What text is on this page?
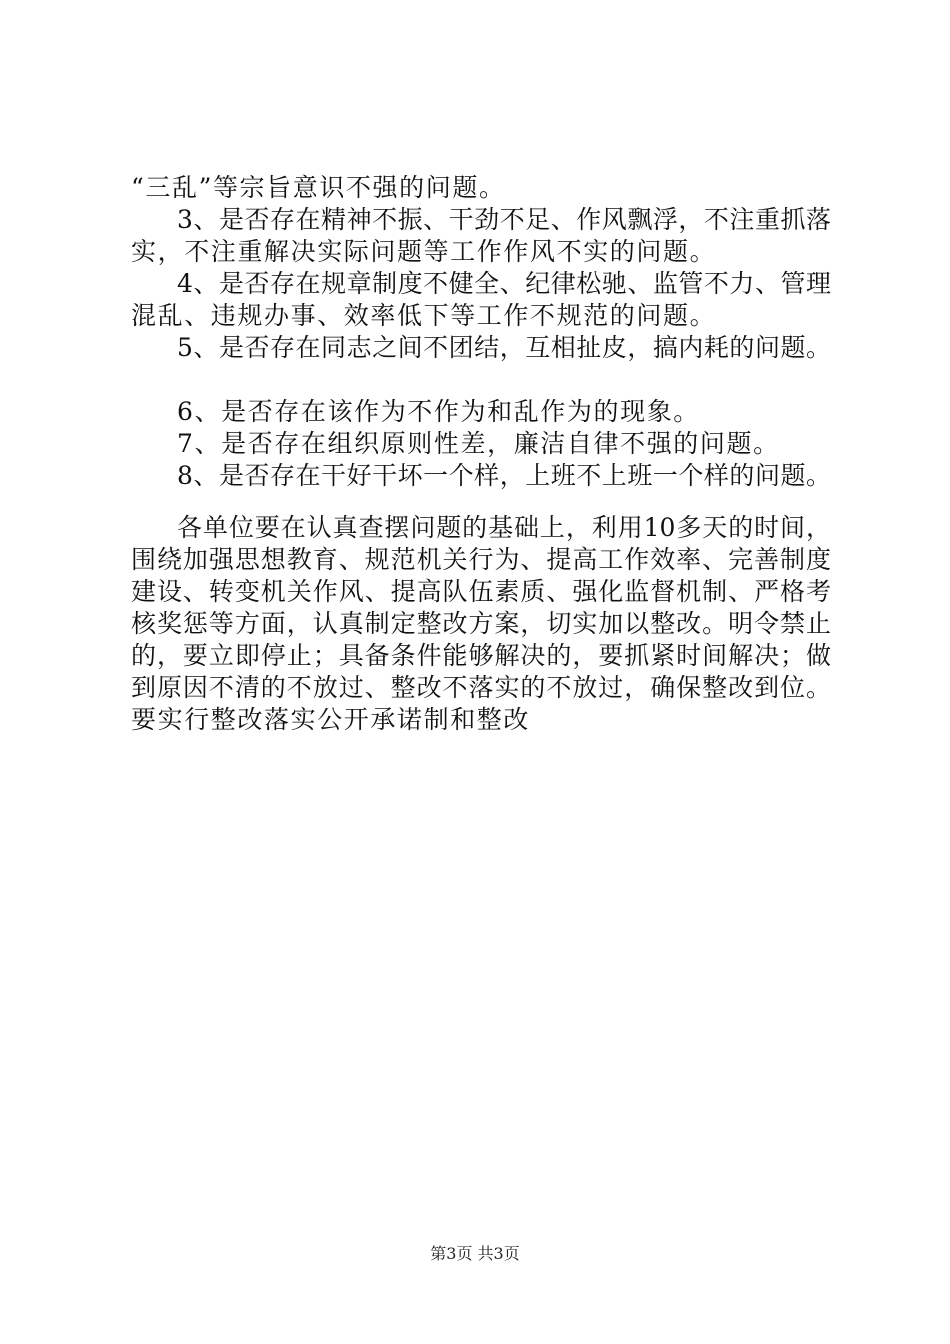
“三乱”等宗旨意识不强的问题。
3、是否存在精神不振、干劲不足、作风飘浮，不注重抓落
实，不注重解决实际问题等工作作风不实的问题。
4、是否存在规章制度不健全、纪律松驰、监管不力、管理
混乱、违规办事、效率低下等工作不规范的问题。
5、是否存在同志之间不团结，互相扯皮，搞内耗的问题。
6、是否存在该作为不作为和乱作为的现象。
7、是否存在组织原则性差，廉洁自律不强的问题。
8、是否存在干好干坏一个样，上班不上班一个样的问题。
各单位要在认真查摆问题的基础上，利用10多天的时间，
围绕加强思想教育、规范机关行为、提高工作效率、完善制度
建设、转变机关作风、提高队伍素质、强化监督机制、严格考
核奖惩等方面，认真制定整改方案，切实加以整改。明令禁止
的，要立即停止；具备条件能够解决的，要抓紧时间解决；做
到原因不清的不放过、整改不落实的不放过，确保整改到位。
要实行整改落实公开承诺制和整改
第3页 共3页
